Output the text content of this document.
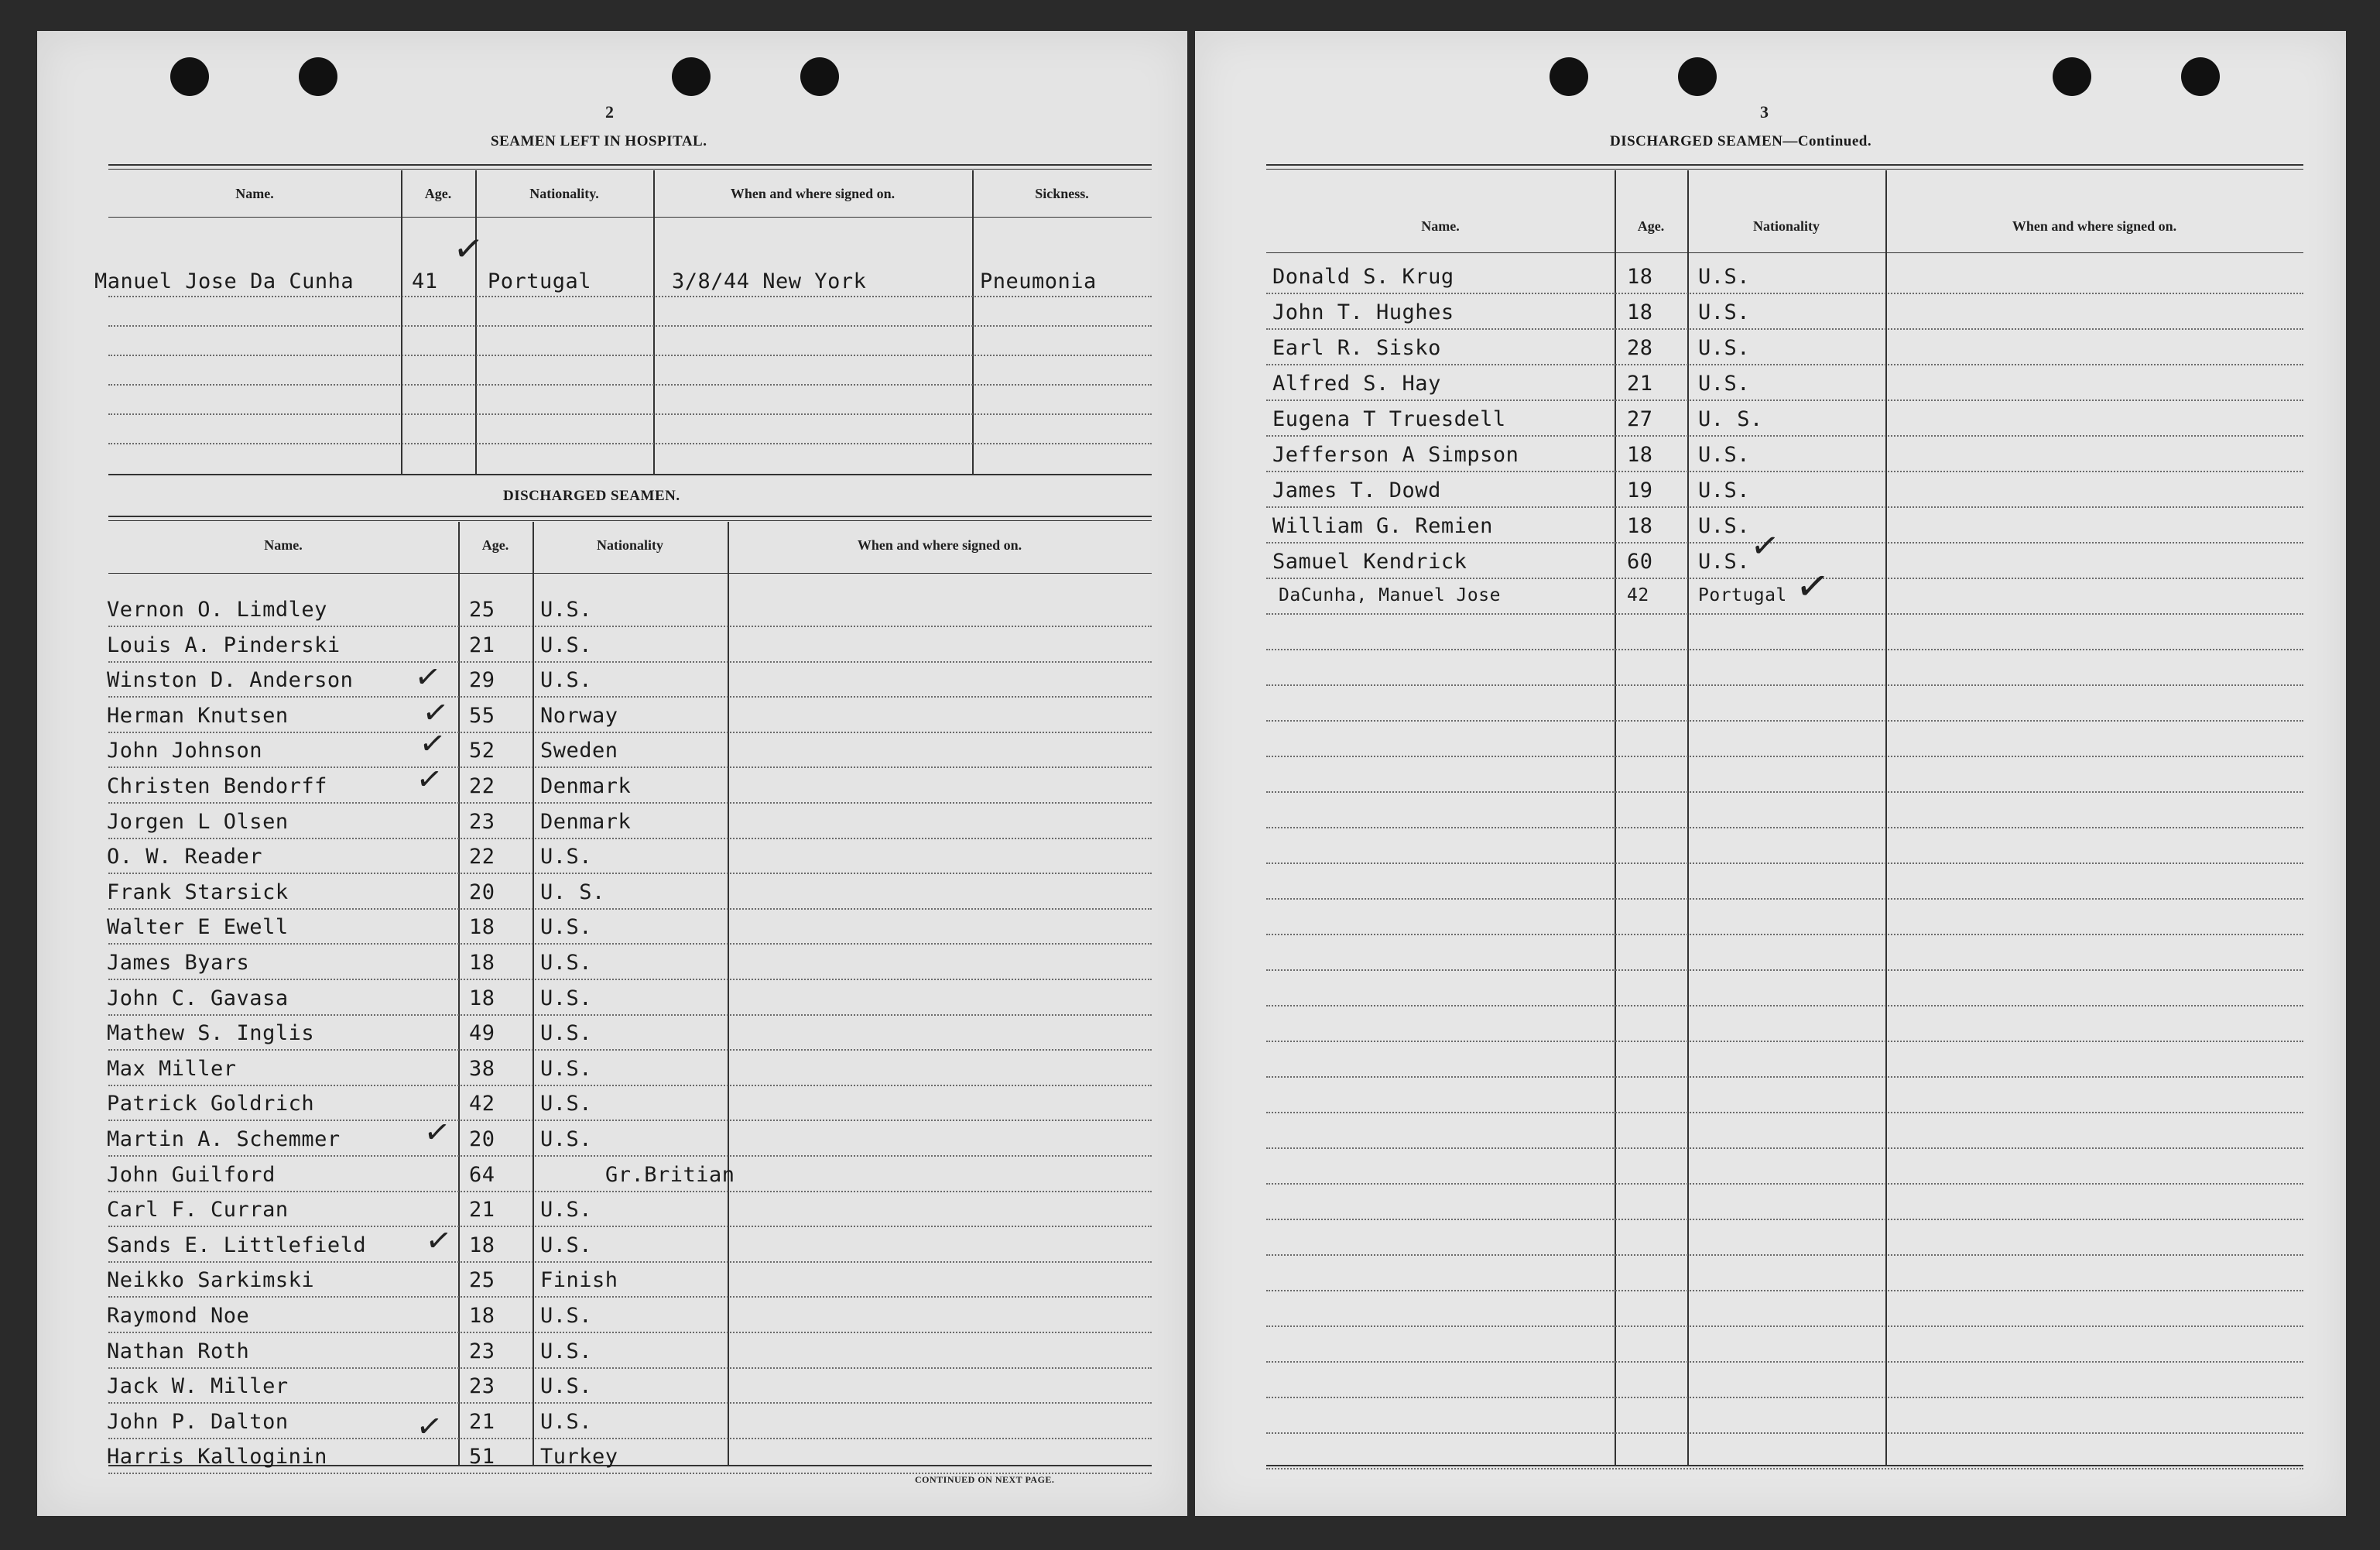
2
SEAMEN LEFT IN HOSPITAL.
Name.	Age.	Nationality.	When and where signed on.	Sickness.
Manuel Jose Da Cunha	41
✓
Portugal	3/8/44 New York	Pneumonia
DISCHARGED SEAMEN.
Name.	Age.	Nationality	When and where signed on.
Vernon O. Limdley	25 U.S.
Louis A. Pinderski	21 U.S.
Winston D. Anderson	29 U.S.
Herman Knutsen	55 Norway
John Johnson	52 Sweden
Christen Bendorff	22 Denmark
Jorgen L Olsen	23 Denmark
O. W. Reader	22 U.S.
Frank Starsick	20 U. S.
Walter E Ewell	18 U.S.
James Byars	18 U.S.
John C. Gavasa	18 U.S.
Mathew S. Inglis	49 U.S.
Max Miller	38 U.S.
Patrick Goldrich	42 U.S.
Martin A. Schemmer	20 U.S.
John Guilford	64	Gr.Britian
Carl F. Curran	21 U.S.
Sands E. Littlefield	18 U.S.
Neikko Sarkimski	25 Finish
Raymond Noe	18 U.S.
Nathan Roth	23 U.S.
Jack W. Miller	23 U.S.
John P. Dalton	21 U.S.
Harris Kalloginin	51 Turkey
✓
✓
✓
✓
✓
✓
✓
CONTINUED ON NEXT PAGE.
3
DISCHARGED SEAMEN—Continued.
Name.	Age.	Nationality	When and where signed on.
Donald S. Krug	18 U.S.
John T. Hughes	18 U.S.
Earl R. Sisko	28 U.S.
Alfred S. Hay	21 U.S.
Eugena T Truesdell	27 U. S.
Jefferson A Simpson	18 U.S.
James T. Dowd	19 U.S.
William G. Remien	18 U.S.
Samuel Kendrick	60 U.S.
DaCunha, Manuel Jose	42	Portugal
✓
✓
